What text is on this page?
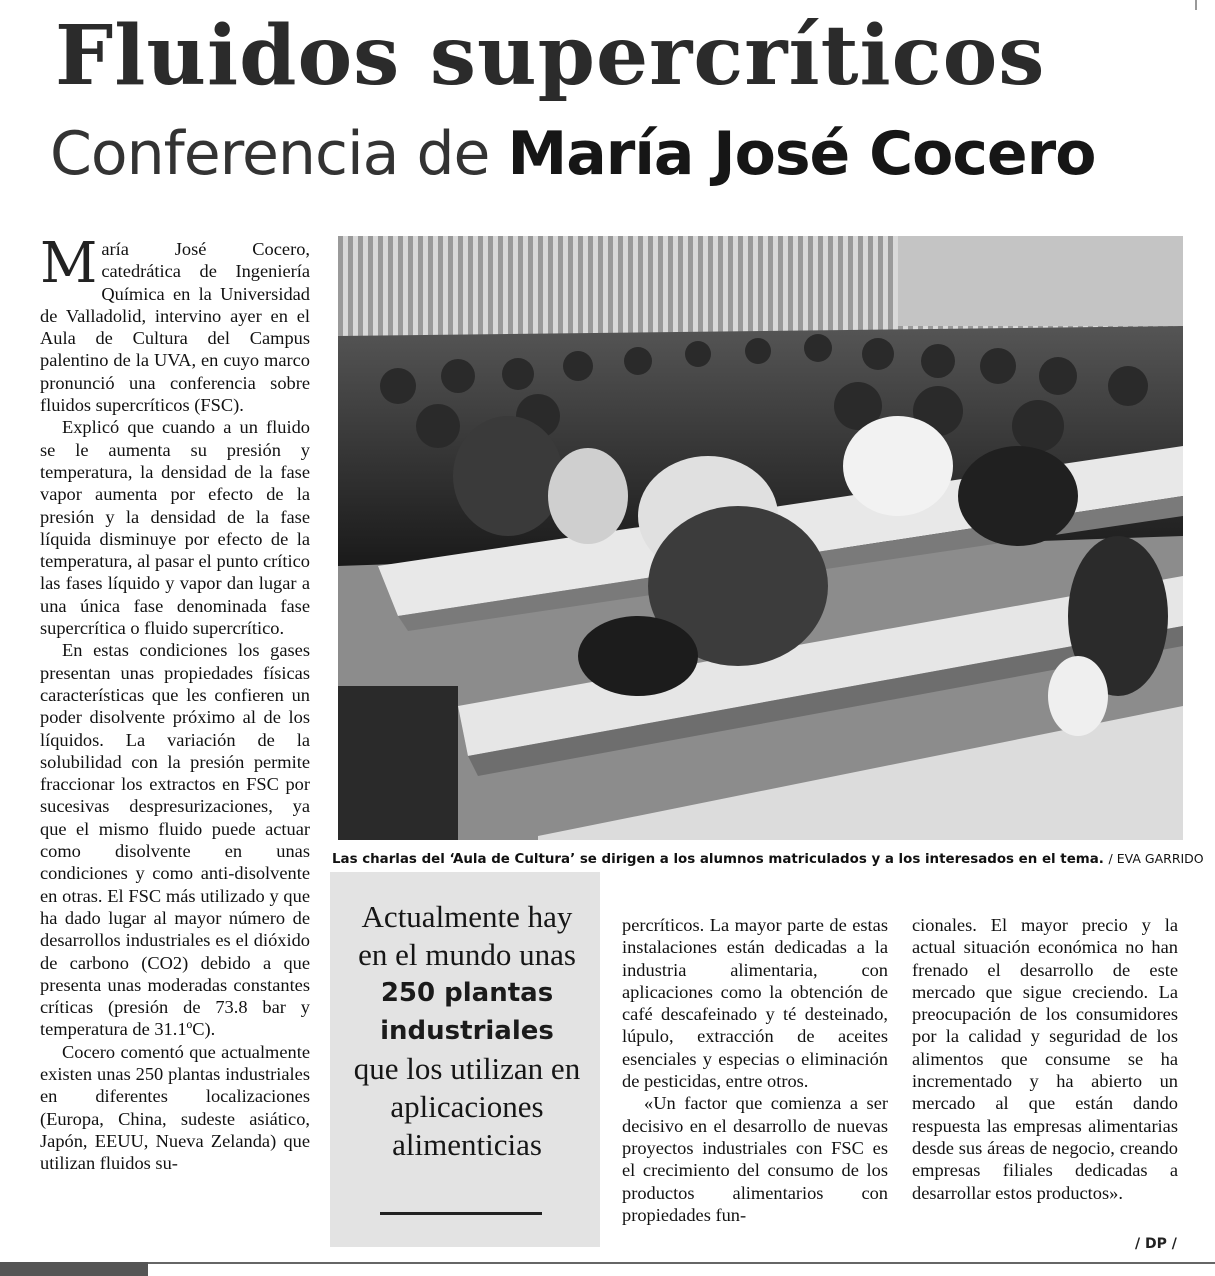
Fluidos supercríticos
Conferencia de María José Cocero

María José Cocero, catedrática de Ingeniería Química en la Universidad de Valladolid, intervino ayer en el Aula de Cultura del Campus palentino de la UVA, en cuyo marco pronunció una conferencia sobre fluidos supercríticos (FSC).

Explicó que cuando a un fluido se le aumenta su presión y temperatura, la densidad de la fase vapor aumenta por efecto de la presión y la densidad de la fase líquida disminuye por efecto de la temperatura, al pasar el punto crítico las fases líquido y vapor dan lugar a una única fase denominada fase supercrítica o fluido supercrítico.

En estas condiciones los gases presentan unas propiedades físicas características que les confieren un poder disolvente próximo al de los líquidos. La variación de la solubilidad con la presión permite fraccionar los extractos en FSC por sucesivas despresurizaciones, ya que el mismo fluido puede actuar como disolvente en unas condiciones y como anti-disolvente en otras. El FSC más utilizado y que ha dado lugar al mayor número de desarrollos industriales es el dióxido de carbono (CO2) debido a que presenta unas moderadas constantes críticas (presión de 73.8 bar y temperatura de 31.1ºC).

Cocero comentó que actualmente existen unas 250 plantas industriales en diferentes localizaciones (Europa, China, sudeste asiático, Japón, EEUU, Nueva Zelanda) que utilizan fluidos su-

Las charlas del ‘Aula de Cultura’ se dirigen a los alumnos matriculados y a los interesados en el tema. / EVA GARRIDO
Actualmente hay en el mundo unas
250 plantas industriales
que los utilizan en aplicaciones alimenticias

percríticos. La mayor parte de estas instalaciones están dedicadas a la industria alimentaria, con aplicaciones como la obtención de café descafeinado y té desteinado, lúpulo, extracción de aceites esenciales y especias o eliminación de pesticidas, entre otros.

«Un factor que comienza a ser decisivo en el desarrollo de nuevas proyectos industriales con FSC es el crecimiento del consumo de los productos alimentarios con propiedades fun-

cionales. El mayor precio y la actual situación económica no han frenado el desarrollo de este mercado que sigue creciendo. La preocupación de los consumidores por la calidad y seguridad de los alimentos que consume se ha incrementado y ha abierto un mercado al que están dando respuesta las empresas alimentarias desde sus áreas de negocio, creando empresas filiales dedicadas a desarrollar estos productos».

/ DP /
